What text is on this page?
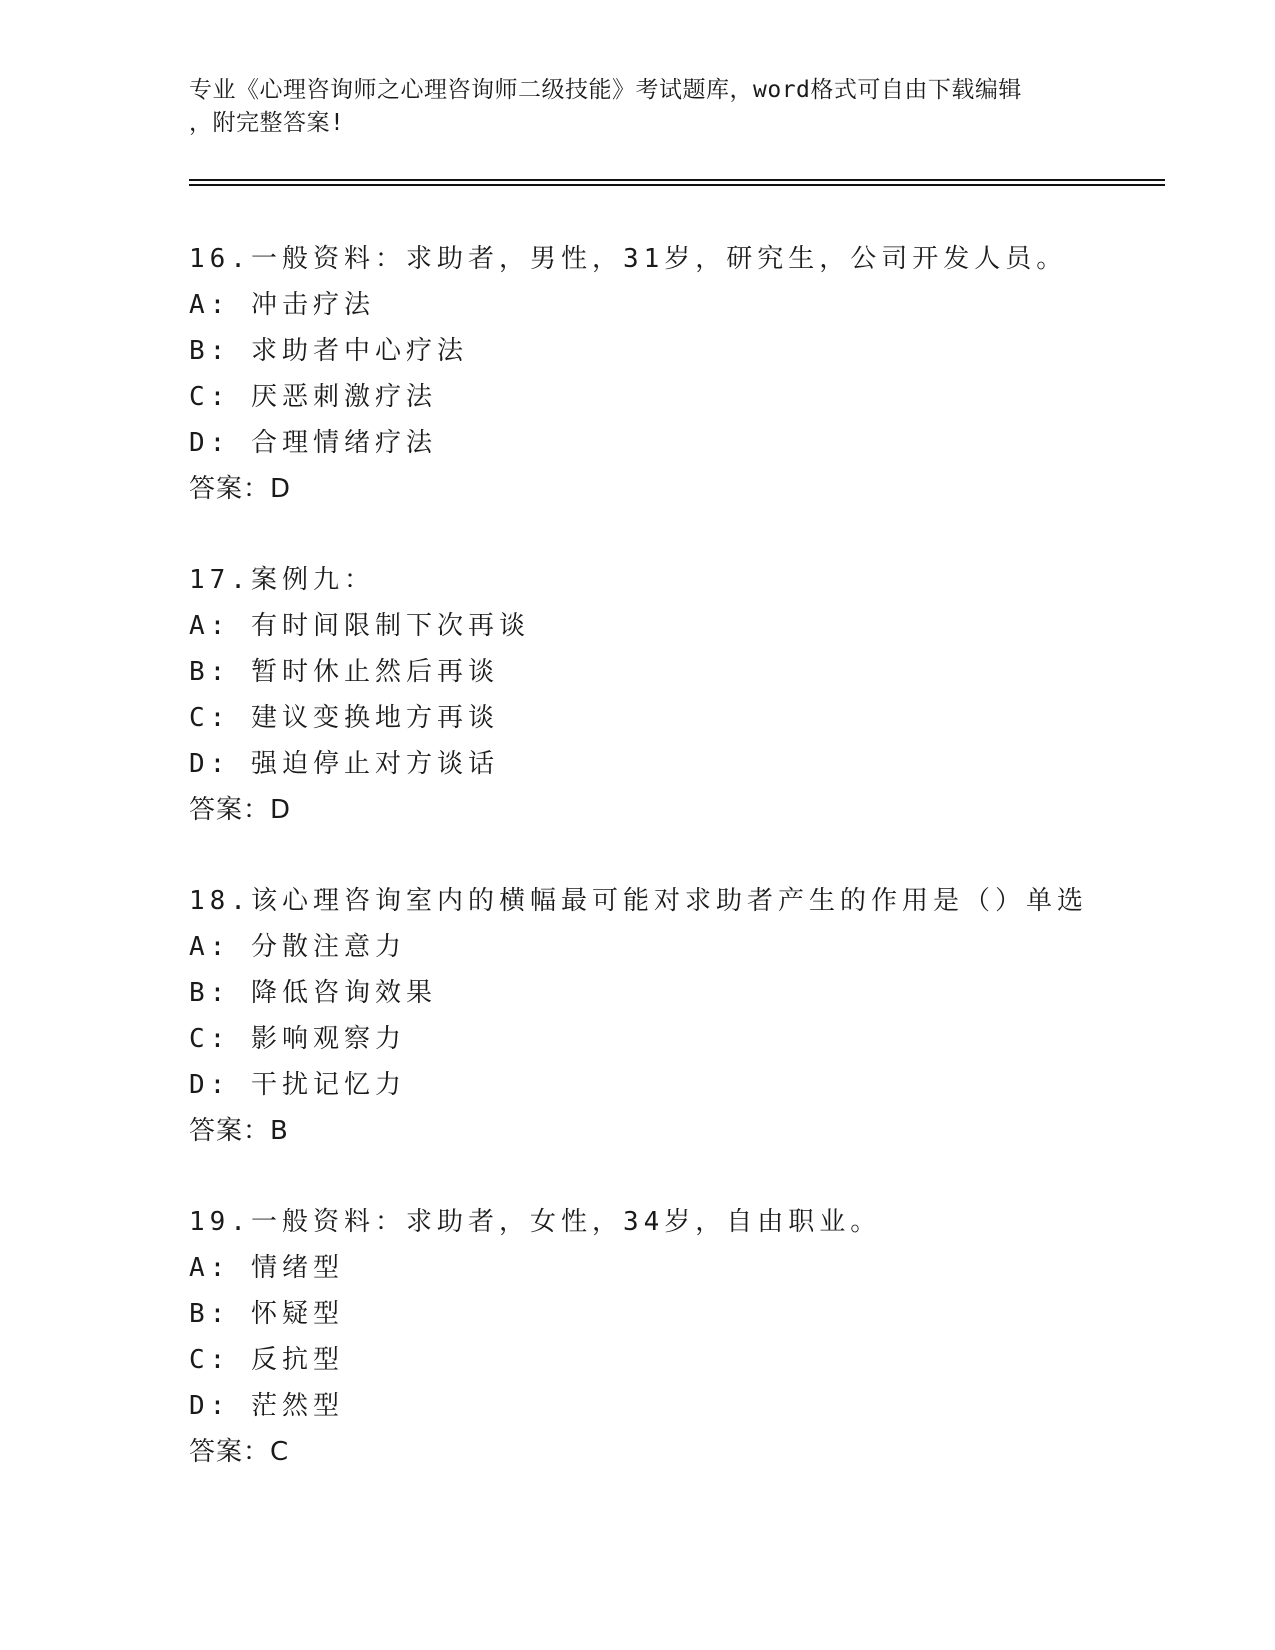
专业《心理咨询师之心理咨询师二级技能》考试题库，word格式可自由下载编辑
，附完整答案!
16.一般资料：求助者，男性，31岁，研究生，公司开发人员。
A: 冲击疗法
B: 求助者中心疗法
C: 厌恶刺激疗法
D: 合理情绪疗法
答案：D
17.案例九：
A: 有时间限制下次再谈
B: 暂时休止然后再谈
C: 建议变换地方再谈
D: 强迫停止对方谈话
答案：D
18.该心理咨询室内的横幅最可能对求助者产生的作用是（）单选
A: 分散注意力
B: 降低咨询效果
C: 影响观察力
D: 干扰记忆力
答案：B
19.一般资料：求助者，女性，34岁，自由职业。
A: 情绪型
B: 怀疑型
C: 反抗型
D: 茫然型
答案：C
